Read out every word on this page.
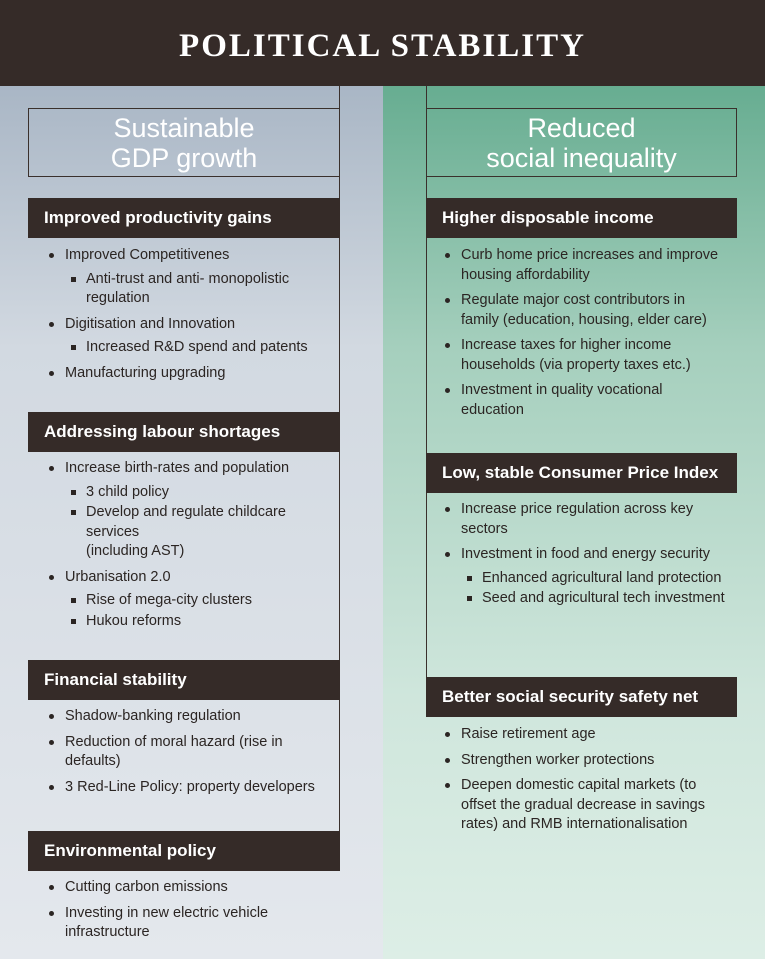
POLITICAL STABILITY
Sustainable
GDP growth
Reduced
social inequality
Improved productivity gains
Improved Competitivenes
Anti-trust and anti- monopolistic regulation
Digitisation and Innovation
Increased R&D spend and patents
Manufacturing upgrading
Addressing labour shortages
Increase birth-rates and population
3 child policy
Develop and regulate childcare services
(including AST)
Urbanisation 2.0
Rise of mega-city clusters
Hukou reforms
Financial stability
Shadow-banking regulation
Reduction of moral hazard (rise in defaults)
3 Red-Line Policy: property developers
Environmental policy
Cutting carbon emissions
Investing in new electric vehicle infrastructure
Higher disposable income
Curb home price increases and improve housing affordability
Regulate major cost contributors in family (education, housing, elder care)
Increase taxes for higher income households (via property taxes etc.)
Investment in quality vocational education
Low, stable Consumer Price Index
Increase price regulation across key sectors
Investment in food and energy security
Enhanced agricultural land protection
Seed and agricultural tech investment
Better social security safety net
Raise retirement age
Strengthen worker protections
Deepen domestic capital markets (to offset the gradual decrease in savings rates) and RMB internationalisation
